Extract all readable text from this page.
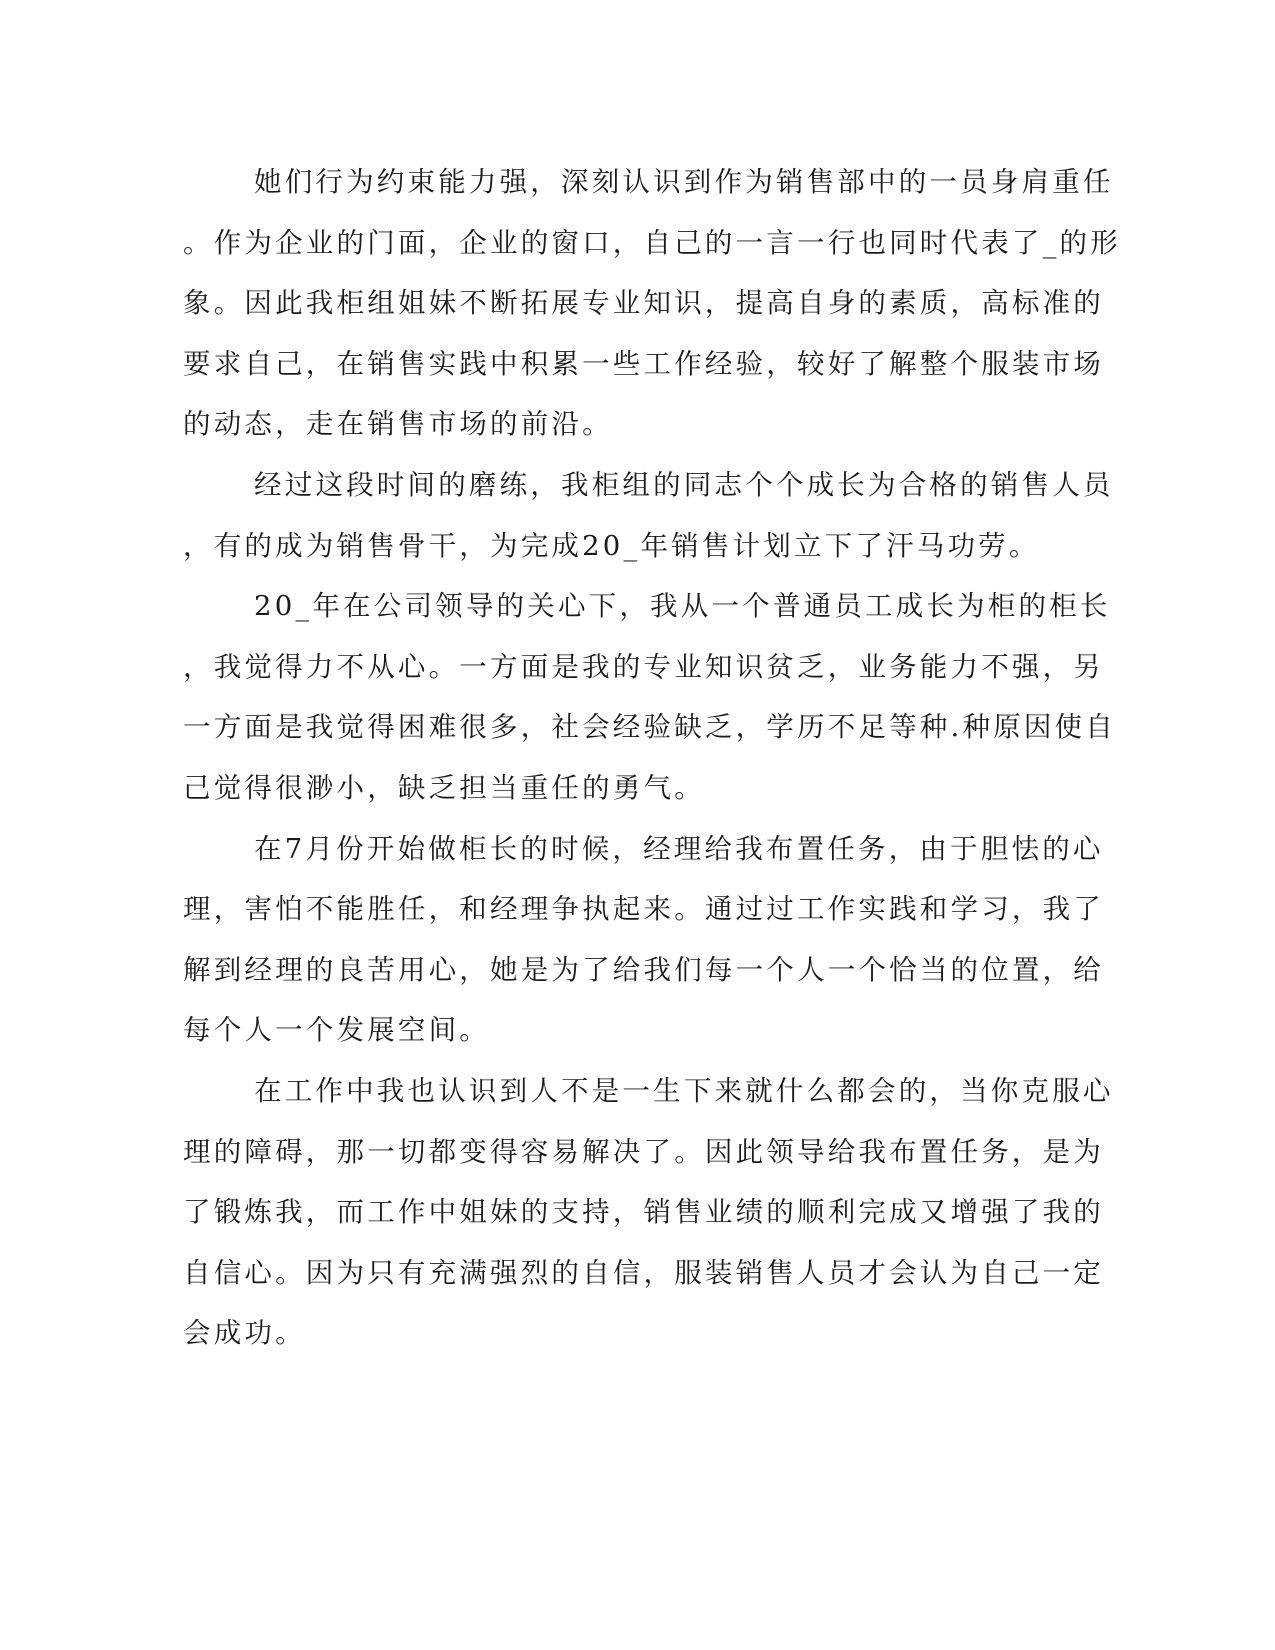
她们行为约束能力强，深刻认识到作为销售部中的一员身肩重任
。作为企业的门面，企业的窗口，自己的一言一行也同时代表了_的形
象。因此我柜组姐妹不断拓展专业知识，提高自身的素质，高标准的
要求自己，在销售实践中积累一些工作经验，较好了解整个服装市场
的动态，走在销售市场的前沿。
经过这段时间的磨练，我柜组的同志个个成长为合格的销售人员
，有的成为销售骨干，为完成20_年销售计划立下了汗马功劳。
20_年在公司领导的关心下，我从一个普通员工成长为柜的柜长
，我觉得力不从心。一方面是我的专业知识贫乏，业务能力不强，另
一方面是我觉得困难很多，社会经验缺乏，学历不足等种.种原因使自
己觉得很渺小，缺乏担当重任的勇气。
在7月份开始做柜长的时候，经理给我布置任务，由于胆怯的心
理，害怕不能胜任，和经理争执起来。通过过工作实践和学习，我了
解到经理的良苦用心，她是为了给我们每一个人一个恰当的位置，给
每个人一个发展空间。
在工作中我也认识到人不是一生下来就什么都会的，当你克服心
理的障碍，那一切都变得容易解决了。因此领导给我布置任务，是为
了锻炼我，而工作中姐妹的支持，销售业绩的顺利完成又增强了我的
自信心。因为只有充满强烈的自信，服装销售人员才会认为自己一定
会成功。
